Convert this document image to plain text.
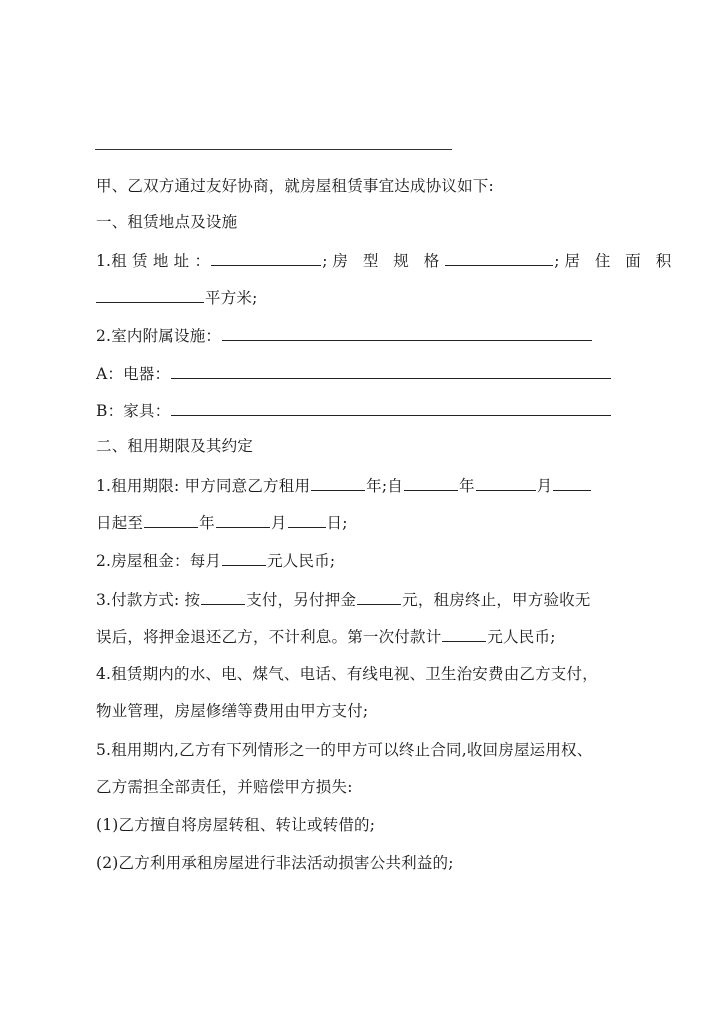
甲、乙双方通过友好协商，就房屋租赁事宜达成协议如下:
一、租赁地点及设施
1.租 赁 地 址 ：	;房 型 规 格	;居 住 面 积
平方米;
2.室内附属设施：
A：电器：
B：家具：
二、租用期限及其约定
1.租用期限: 甲方同意乙方租用	年;自	年	月
日起至	年	月	日;
2.房屋租金：每月	元人民币;
3.付款方式: 按	支付，另付押金	元，租房终止，甲方验收无
误后，将押金退还乙方，不计利息。第一次付款计	元人民币;
4.租赁期内的水、电、煤气、电话、有线电视、卫生治安费由乙方支付，
物业管理，房屋修缮等费用由甲方支付;
5.租用期内,乙方有下列情形之一的甲方可以终止合同,收回房屋运用权、
乙方需担全部责任，并赔偿甲方损失:
(1)乙方擅自将房屋转租、转让或转借的;
(2)乙方利用承租房屋进行非法活动损害公共利益的;
